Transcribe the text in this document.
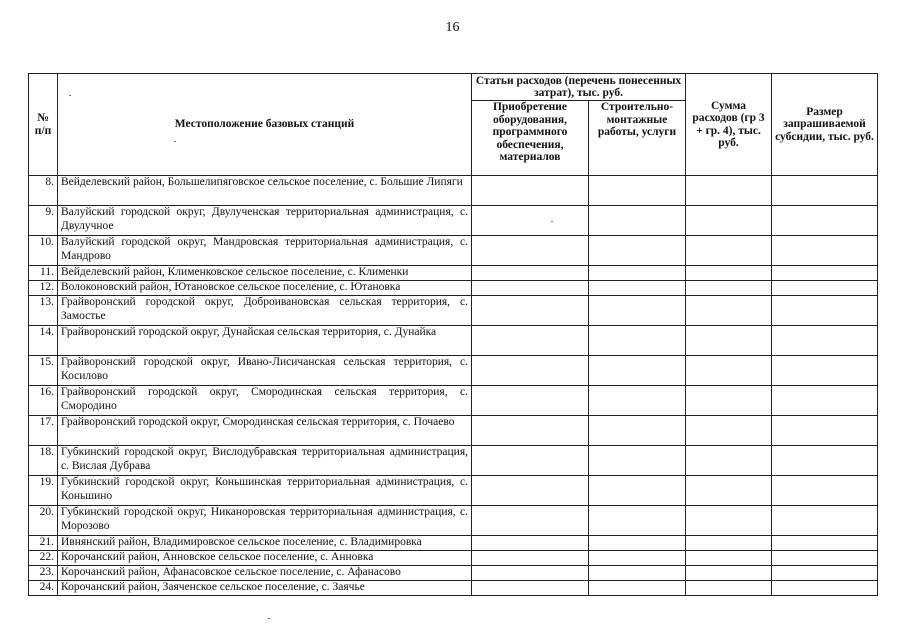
16
№ п/п	Местоположение базовых станций	Статьи расходов (перечень понесенных затрат), тыс. руб.		Сумма расходов (гр 3 + гр. 4), тыс. руб.	Размер запрашиваемой субсидии, тыс. руб.
		Приобретение оборудования, программного обеспечения, материалов	Строительно-монтажные работы, услуги		
8.	Вейделевский район, Большелипяговское сельское поселение, с. Большие Липяги				
9.	Валуйский городской округ, Двулученская территориальная администрация, с. Двулучное				
10.	Валуйский городской округ, Мандровская территориальная администрация, с. Мандрово				
11.	Вейделевский район, Клименковское сельское поселение, с. Клименки				
12.	Волоконовский район, Ютановское сельское поселение, с. Ютановка				
13.	Грайворонский городской округ, Доброивановская сельская территория, с. Замостье				
14.	Грайворонский городской округ, Дунайская сельская территория, с. Дунайка				
15.	Грайворонский городской округ, Ивано-Лисичанская сельская территория, с. Косилово				
16.	Грайворонский городской округ, Смородинская сельская территория, с. Смородино				
17.	Грайворонский городской округ, Смородинская сельская территория, с. Почаево				
18.	Губкинский городской округ, Вислодубравская территориальная администрация, с. Вислая Дубрава				
19.	Губкинский городской округ, Коньшинская территориальная администрация, с. Коньшино				
20.	Губкинский городской округ, Никаноровская территориальная администрация, с. Морозово				
21.	Ивнянский район, Владимировское сельское поселение, с. Владимировка				
22.	Корочанский район, Анновское сельское поселение, с. Анновка				
23.	Корочанский район, Афанасовское сельское поселение, с. Афанасово				
24.	Корочанский район, Заяченское сельское поселение, с. Заячье				
